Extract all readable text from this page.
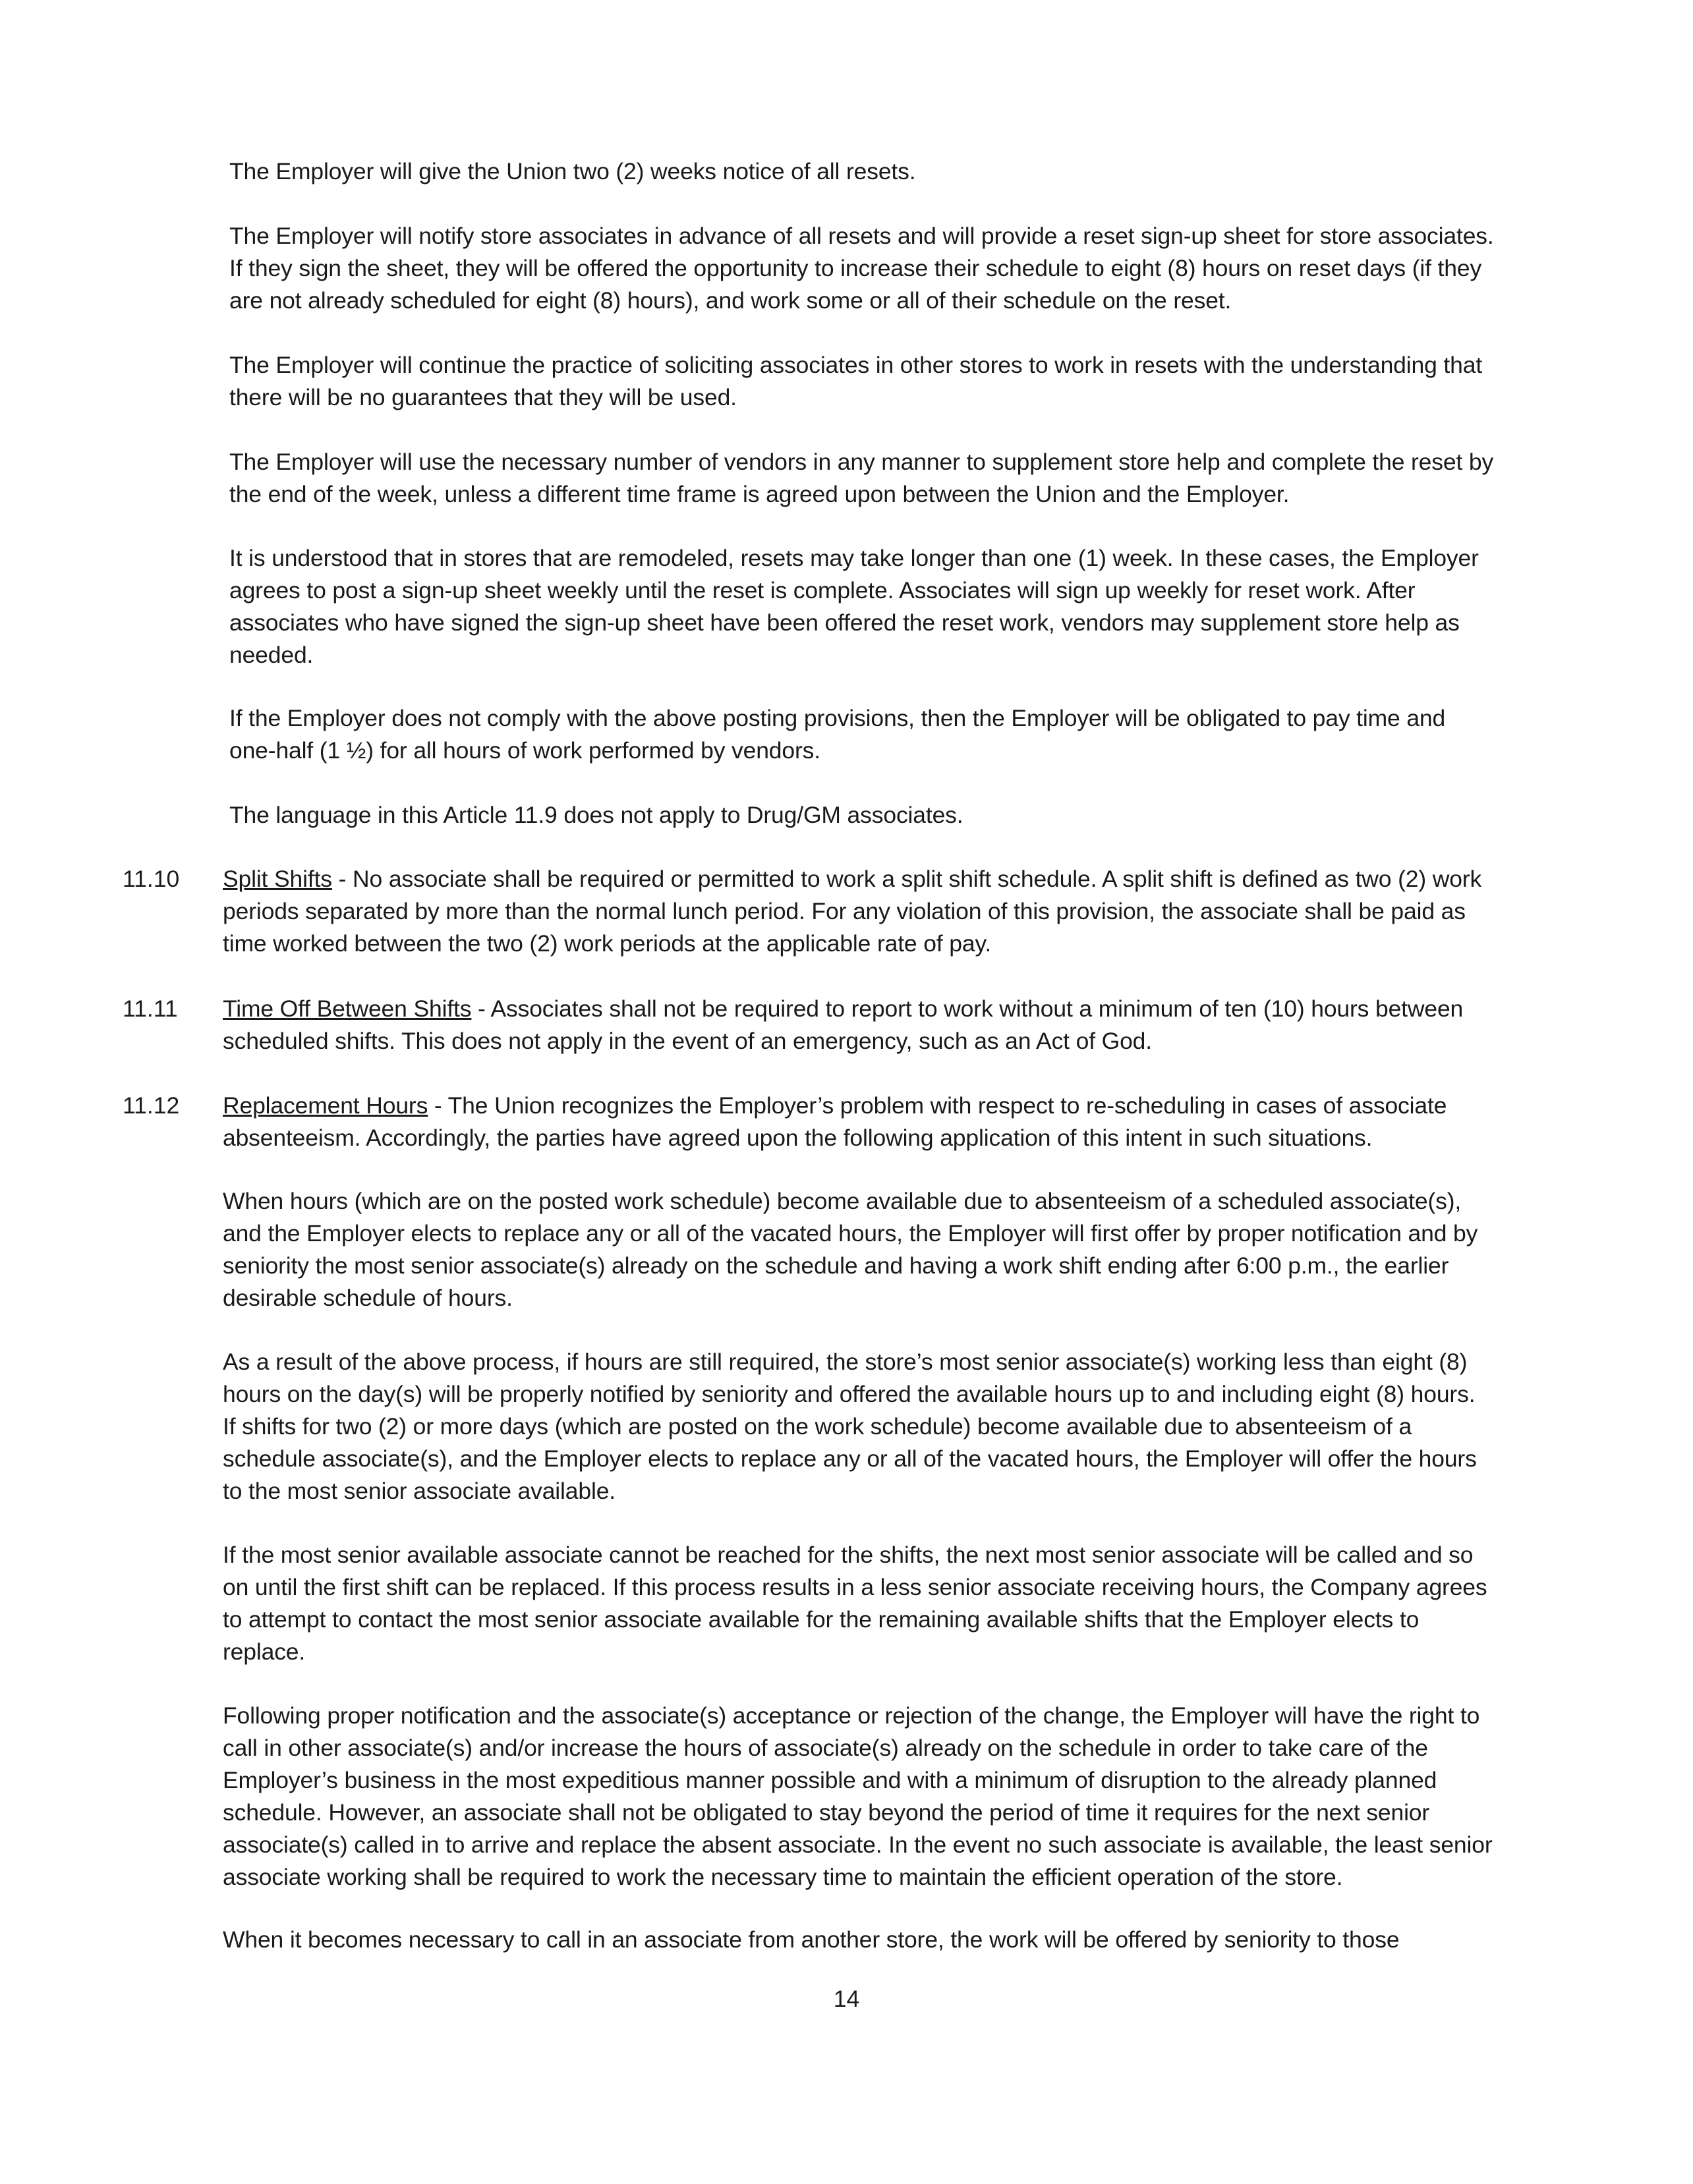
The Employer will give the Union two (2) weeks notice of all resets.
The Employer will notify store associates in advance of all resets and will provide a reset sign-up sheet for store associates.
If they sign the sheet, they will be offered the opportunity to increase their schedule to eight (8) hours on reset days (if they
are not already scheduled for eight (8) hours), and work some or all of their schedule on the reset.
The Employer will continue the practice of soliciting associates in other stores to work in resets with the understanding that
there will be no guarantees that they will be used.
The Employer will use the necessary number of vendors in any manner to supplement store help and complete the reset by
the end of the week, unless a different time frame is agreed upon between the Union and the Employer.
It is understood that in stores that are remodeled, resets may take longer than one (1) week. In these cases, the Employer
agrees to post a sign-up sheet weekly until the reset is complete. Associates will sign up weekly for reset work. After
associates who have signed the sign-up sheet have been offered the reset work, vendors may supplement store help as
needed.
If the Employer does not comply with the above posting provisions, then the Employer will be obligated to pay time and
one-half (1 ½) for all hours of work performed by vendors.
The language in this Article 11.9 does not apply to Drug/GM associates.
11.10 Split Shifts - No associate shall be required or permitted to work a split shift schedule. A split shift is defined as two (2) work
periods separated by more than the normal lunch period. For any violation of this provision, the associate shall be paid as
time worked between the two (2) work periods at the applicable rate of pay.
11.11 Time Off Between Shifts - Associates shall not be required to report to work without a minimum of ten (10) hours between
scheduled shifts. This does not apply in the event of an emergency, such as an Act of God.
11.12 Replacement Hours - The Union recognizes the Employer’s problem with respect to re-scheduling in cases of associate
absenteeism. Accordingly, the parties have agreed upon the following application of this intent in such situations.
When hours (which are on the posted work schedule) become available due to absenteeism of a scheduled associate(s),
and the Employer elects to replace any or all of the vacated hours, the Employer will first offer by proper notification and by
seniority the most senior associate(s) already on the schedule and having a work shift ending after 6:00 p.m., the earlier
desirable schedule of hours.
As a result of the above process, if hours are still required, the store’s most senior associate(s) working less than eight (8)
hours on the day(s) will be properly notified by seniority and offered the available hours up to and including eight (8) hours.
If shifts for two (2) or more days (which are posted on the work schedule) become available due to absenteeism of a
schedule associate(s), and the Employer elects to replace any or all of the vacated hours, the Employer will offer the hours
to the most senior associate available.
If the most senior available associate cannot be reached for the shifts, the next most senior associate will be called and so
on until the first shift can be replaced. If this process results in a less senior associate receiving hours, the Company agrees
to attempt to contact the most senior associate available for the remaining available shifts that the Employer elects to
replace.
Following proper notification and the associate(s) acceptance or rejection of the change, the Employer will have the right to
call in other associate(s) and/or increase the hours of associate(s) already on the schedule in order to take care of the
Employer’s business in the most expeditious manner possible and with a minimum of disruption to the already planned
schedule. However, an associate shall not be obligated to stay beyond the period of time it requires for the next senior
associate(s) called in to arrive and replace the absent associate. In the event no such associate is available, the least senior
associate working shall be required to work the necessary time to maintain the efficient operation of the store.
When it becomes necessary to call in an associate from another store, the work will be offered by seniority to those
14
